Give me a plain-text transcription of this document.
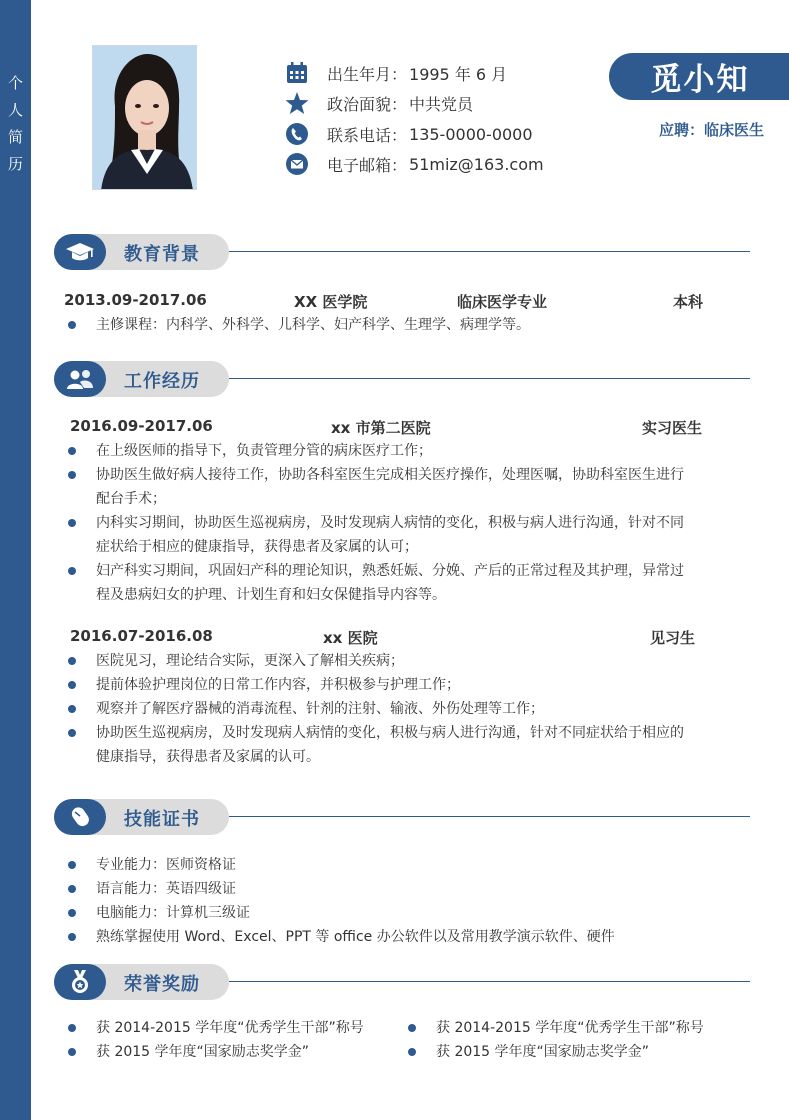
个
人
简
历
出生年月： 1995 年 6 月
政治面貌： 中共党员
联系电话： 135-0000-0000
电子邮箱： 51miz@163.com
觅小知
应聘：临床医生
教育背景
2013.09-2017.06	XX 医学院	临床医学专业	本科
主修课程：内科学、外科学、儿科学、妇产科学、生理学、病理学等。
工作经历
2016.09-2017.06	xx 市第二医院	实习医生
在上级医师的指导下，负责管理分管的病床医疗工作；
协助医生做好病人接待工作，协助各科室医生完成相关医疗操作，处理医嘱，协助科室医生进行
配台手术；
内科实习期间，协助医生巡视病房，及时发现病人病情的变化，积极与病人进行沟通，针对不同
症状给于相应的健康指导，获得患者及家属的认可；
妇产科实习期间，巩固妇产科的理论知识，熟悉妊娠、分娩、产后的正常过程及其护理，异常过
程及患病妇女的护理、计划生育和妇女保健指导内容等。
2016.07-2016.08	xx 医院	见习生
医院见习，理论结合实际，更深入了解相关疾病；
提前体验护理岗位的日常工作内容，并积极参与护理工作；
观察并了解医疗器械的消毒流程、针剂的注射、输液、外伤处理等工作；
协助医生巡视病房，及时发现病人病情的变化，积极与病人进行沟通，针对不同症状给于相应的
健康指导，获得患者及家属的认可。
技能证书
专业能力：医师资格证
语言能力：英语四级证
电脑能力：计算机三级证
熟练掌握使用 Word、Excel、PPT 等 office 办公软件以及常用教学演示软件、硬件
荣誉奖励
获 2014-2015 学年度“优秀学生干部”称号
获 2015 学年度“国家励志奖学金”
获 2014-2015 学年度“优秀学生干部”称号
获 2015 学年度“国家励志奖学金”
